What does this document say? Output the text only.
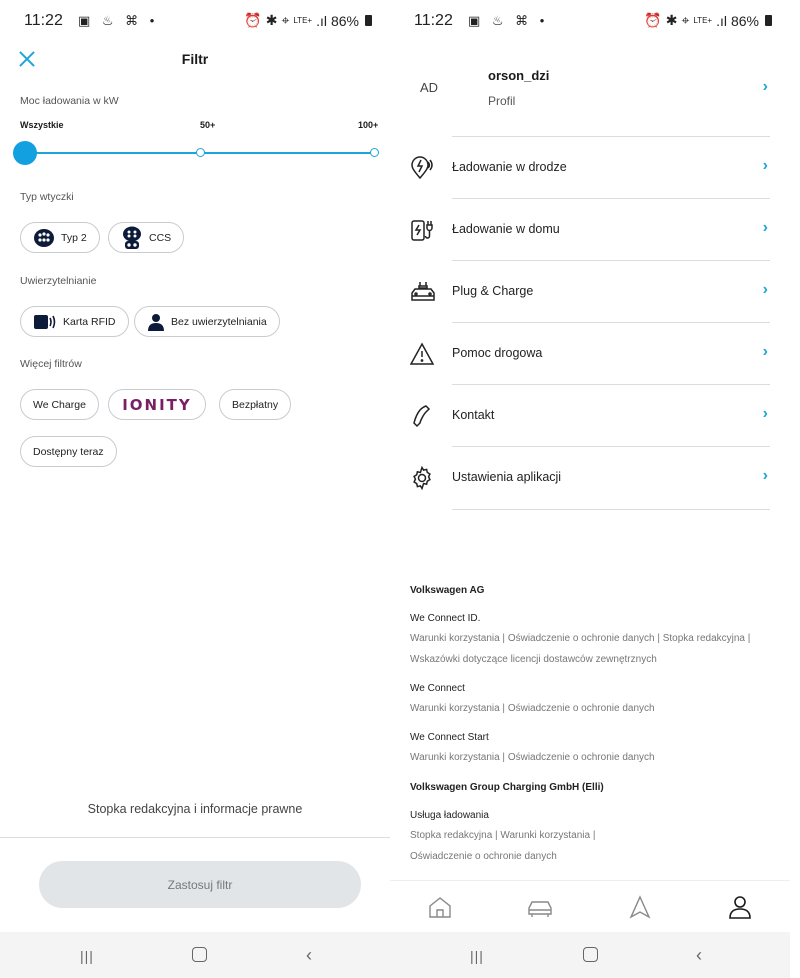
11:22 ▣ ♨ ⌘ •	⏰ ✱ ⌖ LTE+ .ıl 86%
Filtr
Moc ładowania w kW
Wszystkie	50+	100+
Typ wtyczki
Typ 2	CCS
Uwierzytelnianie
Karta RFID	Bez uwierzytelniania
Więcej filtrów
We Charge IONITY	Bezpłatny
Dostępny teraz
Stopka redakcyjna i informacje prawne
Zastosuj filtr
|||	‹
11:22 ▣ ♨ ⌘ •	⏰ ✱ ⌖ LTE+ .ıl 86%
AD
orson_dzi
Profil
›
Ładowanie w drodze	›
Ładowanie w domu	›
Plug & Charge	›
Pomoc drogowa	›
Kontakt	›
Ustawienia aplikacji	›
Volkswagen AG
We Connect ID.
Warunki korzystania | Oświadczenie o ochronie danych | Stopka redakcyjna | Wskazówki dotyczące licencji dostawców zewnętrznych
We Connect
Warunki korzystania | Oświadczenie o ochronie danych
We Connect Start
Warunki korzystania | Oświadczenie o ochronie danych
Volkswagen Group Charging GmbH (Elli)
Usługa ładowania
Stopka redakcyjna | Warunki korzystania | Oświadczenie o ochronie danych
|||	‹
